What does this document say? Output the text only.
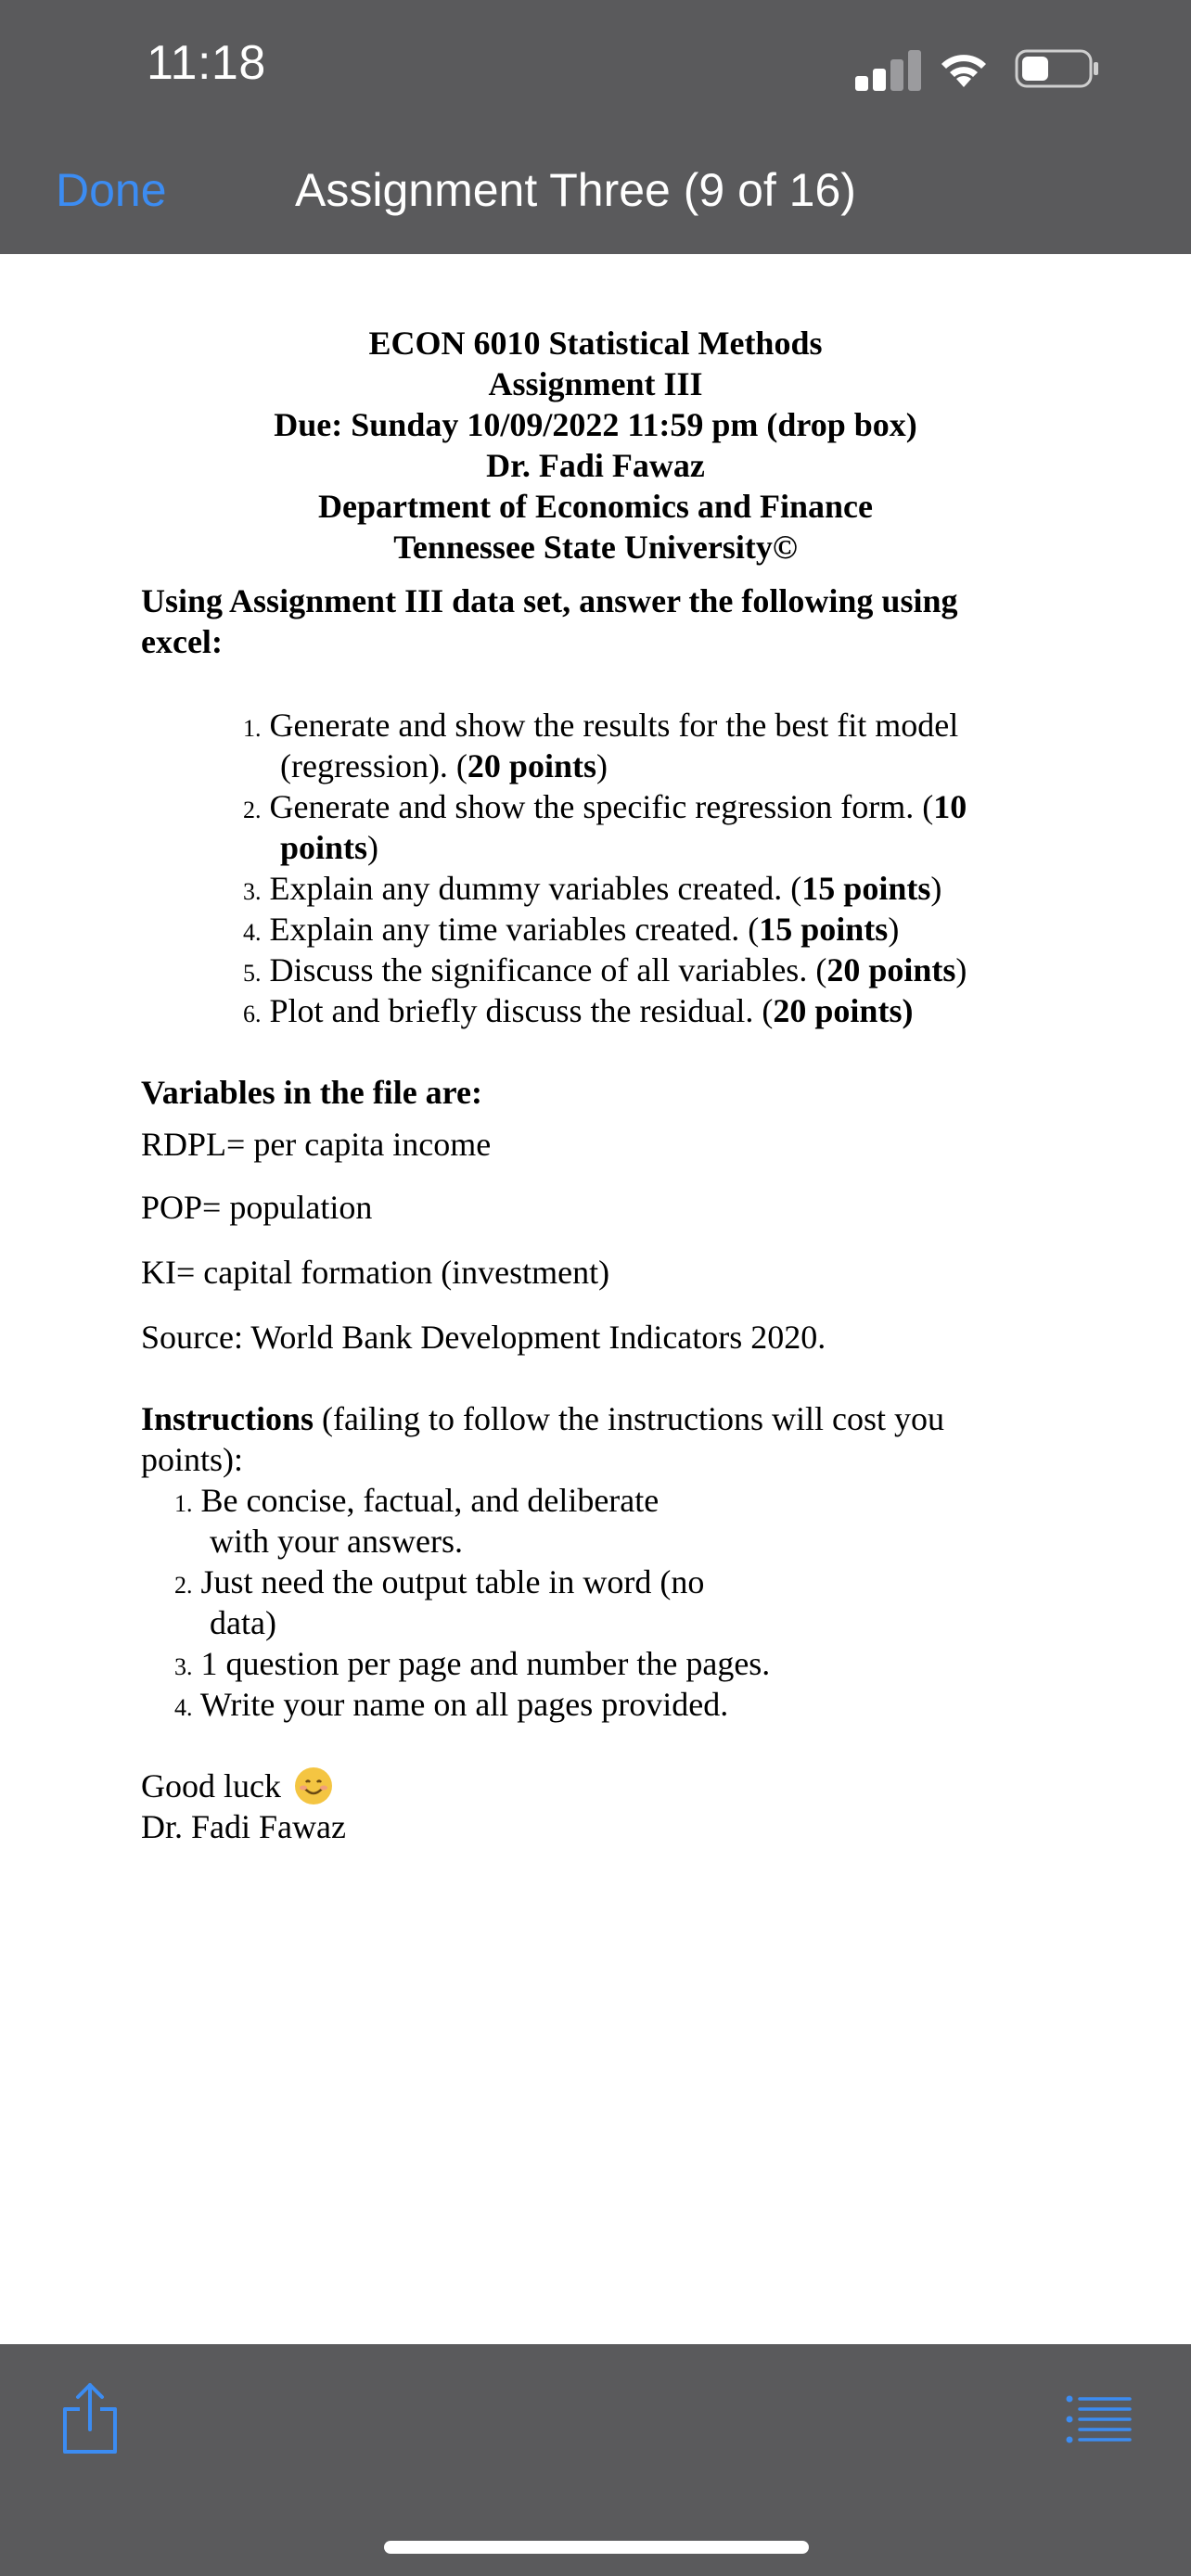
11:18
Done	Assignment Three (9 of 16)
ECON 6010 Statistical Methods
Assignment III
Due: Sunday 10/09/2022 11:59 pm (drop box)
Dr. Fadi Fawaz
Department of Economics and Finance
Tennessee State University©
Using Assignment III data set, answer the following using
excel:
1. Generate and show the results for the best fit model
(regression). (20 points)
2. Generate and show the specific regression form. (10
points)
3. Explain any dummy variables created. (15 points)
4. Explain any time variables created. (15 points)
5. Discuss the significance of all variables. (20 points)
6. Plot and briefly discuss the residual. (20 points)
Variables in the file are:
RDPL= per capita income
POP= population
KI= capital formation (investment)
Source: World Bank Development Indicators 2020.
Instructions (failing to follow the instructions will cost you
points):
1. Be concise, factual, and deliberate
with your answers.
2. Just need the output table in word (no
data)
3. 1 question per page and number the pages.
4. Write your name on all pages provided.
Good luck
Dr. Fadi Fawaz
